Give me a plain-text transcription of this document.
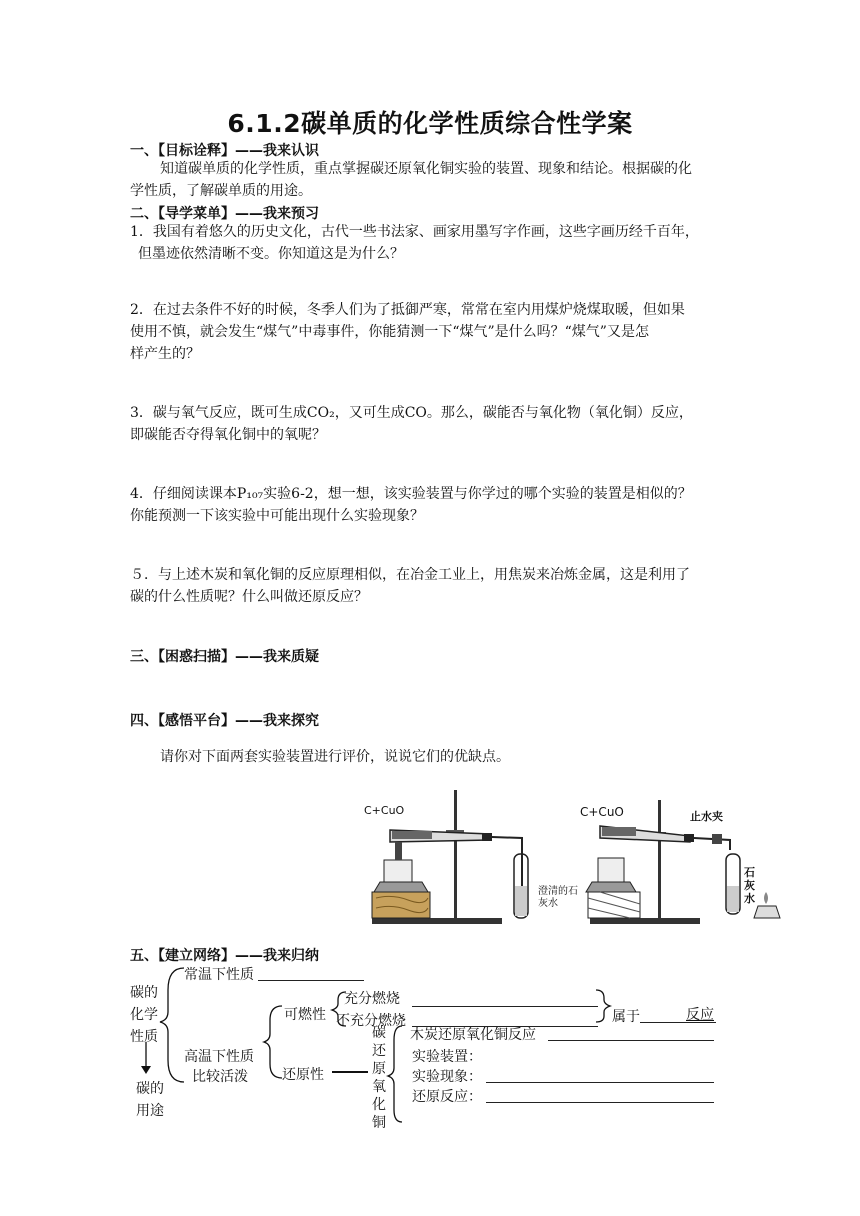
6.1.2碳单质的化学性质综合性学案
一、【目标诠释】——我来认识
知道碳单质的化学性质，重点掌握碳还原氧化铜实验的装置、现象和结论。根据碳的化
学性质，了解碳单质的用途。
二、【导学菜单】——我来预习
1．我国有着悠久的历史文化，古代一些书法家、画家用墨写字作画，这些字画历经千百年，
但墨迹依然清晰不变。你知道这是为什么？
2．在过去条件不好的时候，冬季人们为了抵御严寒，常常在室内用煤炉烧煤取暖，但如果
使用不慎，就会发生“煤气”中毒事件，你能猜测一下“煤气”是什么吗？“煤气”又是怎
样产生的？
3．碳与氧气反应，既可生成CO₂，又可生成CO。那么，碳能否与氧化物（氧化铜）反应，
即碳能否夺得氧化铜中的氧呢？
4．仔细阅读课本P₁₀₇实验6-2，想一想，该实验装置与你学过的哪个实验的装置是相似的？
你能预测一下该实验中可能出现什么实验现象？
５．与上述木炭和氧化铜的反应原理相似，在冶金工业上，用焦炭来冶炼金属，这是利用了
碳的什么性质呢？什么叫做还原反应？
三、【困惑扫描】——我来质疑
四、【感悟平台】——我来探究
请你对下面两套实验装置进行评价，说说它们的优缺点。
C+CuO
澄清的石灰水
C+CuO	止水夹
石灰水
五、【建立网络】——我来归纳
碳的化学性质
碳的用途
常温下性质
高温下性质
比较活泼
可燃性
充分燃烧
不充分燃烧	属于	反应
还原性
碳还原氧化铜
木炭还原氧化铜反应
实验装置：
实验现象：
还原反应：
